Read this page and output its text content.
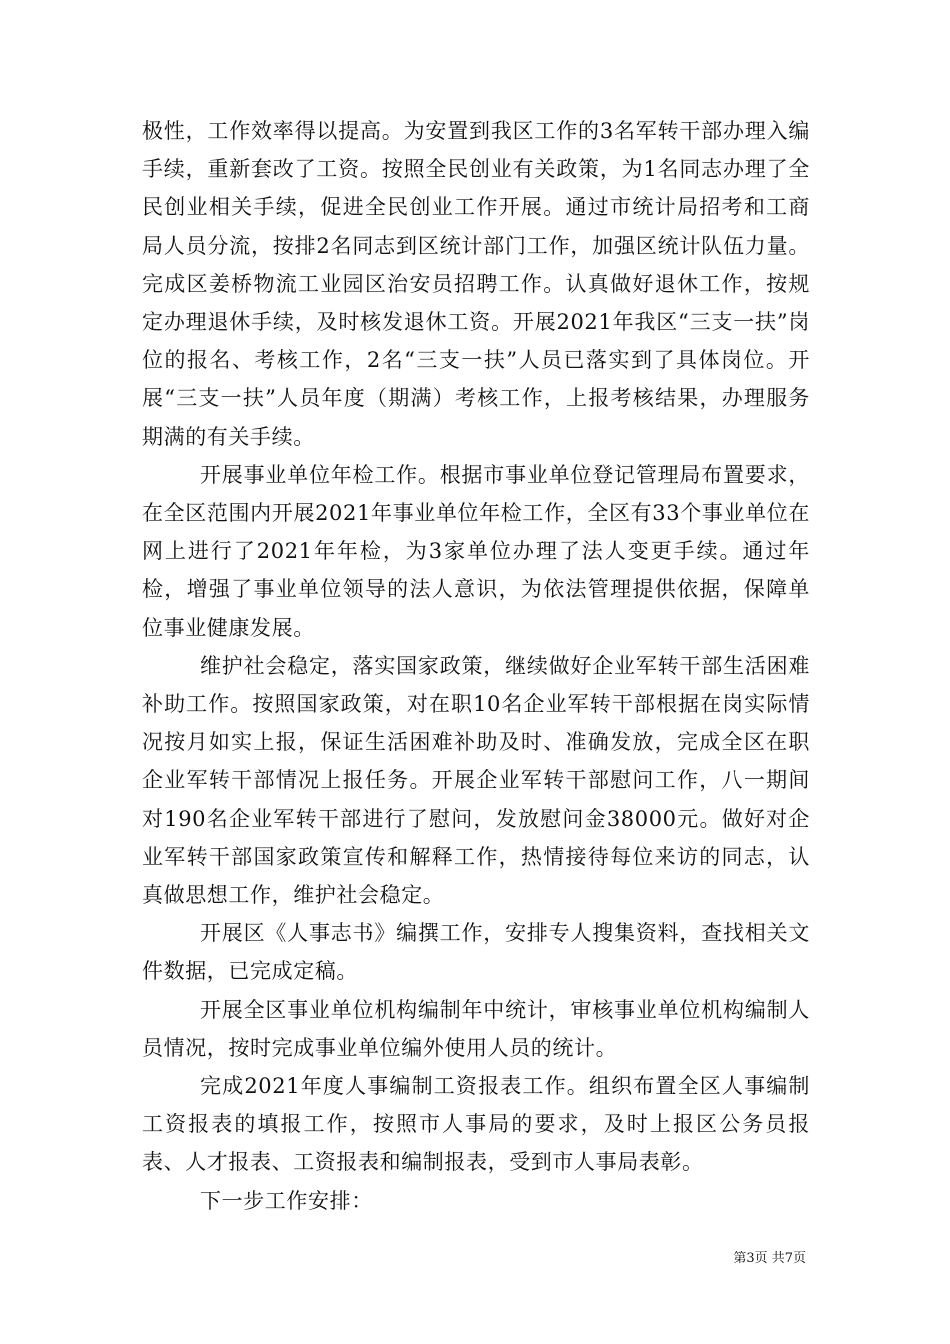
极性，工作效率得以提高。为安置到我区工作的3名军转干部办理入编手续，重新套改了工资。按照全民创业有关政策，为1名同志办理了全民创业相关手续，促进全民创业工作开展。通过市统计局招考和工商局人员分流，按排2名同志到区统计部门工作，加强区统计队伍力量。完成区姜桥物流工业园区治安员招聘工作。认真做好退休工作，按规定办理退休手续，及时核发退休工资。开展2021年我区“三支一扶”岗位的报名、考核工作，2名“三支一扶”人员已落实到了具体岗位。开展“三支一扶”人员年度（期满）考核工作，上报考核结果，办理服务期满的有关手续。

开展事业单位年检工作。根据市事业单位登记管理局布置要求，在全区范围内开展2021年事业单位年检工作，全区有33个事业单位在网上进行了2021年年检，为3家单位办理了法人变更手续。通过年检，增强了事业单位领导的法人意识，为依法管理提供依据，保障单位事业健康发展。

维护社会稳定，落实国家政策，继续做好企业军转干部生活困难补助工作。按照国家政策，对在职10名企业军转干部根据在岗实际情况按月如实上报，保证生活困难补助及时、准确发放，完成全区在职企业军转干部情况上报任务。开展企业军转干部慰问工作，八一期间对190名企业军转干部进行了慰问，发放慰问金38000元。做好对企业军转干部国家政策宣传和解释工作，热情接待每位来访的同志，认真做思想工作，维护社会稳定。

开展区《人事志书》编撰工作，安排专人搜集资料，查找相关文件数据，已完成定稿。

开展全区事业单位机构编制年中统计，审核事业单位机构编制人员情况，按时完成事业单位编外使用人员的统计。

完成2021年度人事编制工资报表工作。组织布置全区人事编制工资报表的填报工作，按照市人事局的要求，及时上报区公务员报表、人才报表、工资报表和编制报表，受到市人事局表彰。

下一步工作安排：

第3页 共7页
